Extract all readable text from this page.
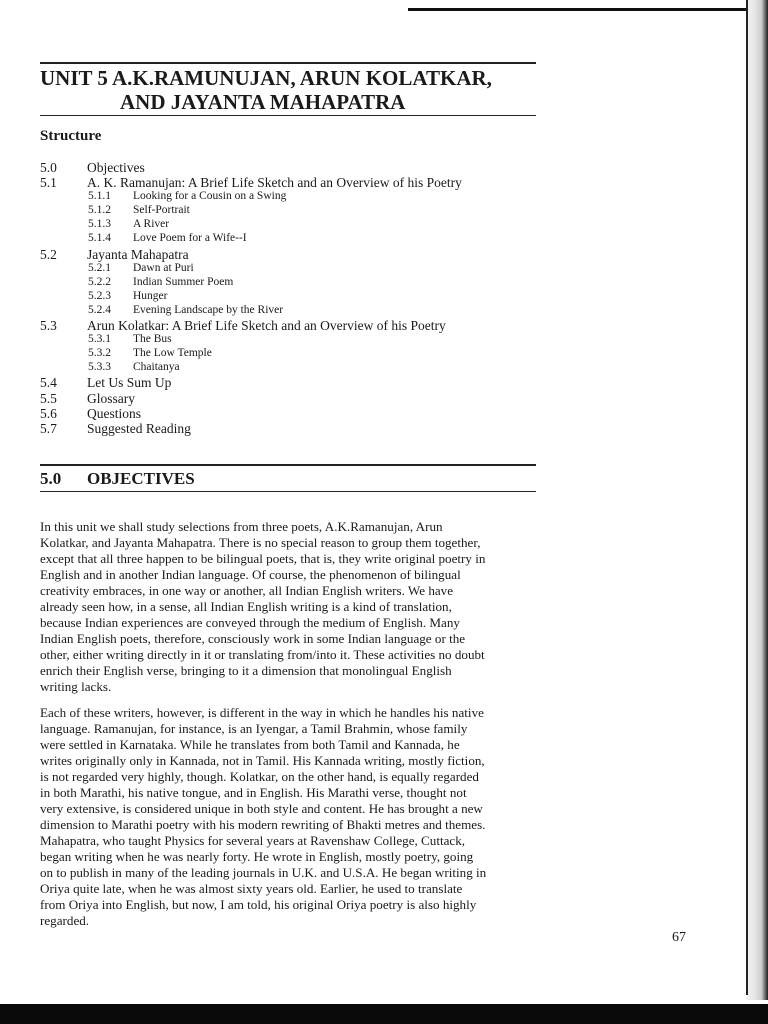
UNIT 5 A.K.RAMUNUJAN, ARUN KOLATKAR,
AND JAYANTA MAHAPATRA
Structure
5.0 Objectives
5.1 A. K. Ramanujan: A Brief Life Sketch and an Overview of his Poetry
5.1.1 Looking for a Cousin on a Swing
5.1.2 Self-Portrait
5.1.3 A River
5.1.4 Love Poem for a Wife--I
5.2 Jayanta Mahapatra
5.2.1 Dawn at Puri
5.2.2 Indian Summer Poem
5.2.3 Hunger
5.2.4 Evening Landscape by the River
5.3 Arun Kolatkar: A Brief Life Sketch and an Overview of his Poetry
5.3.1 The Bus
5.3.2 The Low Temple
5.3.3 Chaitanya
5.4 Let Us Sum Up
5.5 Glossary
5.6 Questions
5.7 Suggested Reading
5.0 OBJECTIVES
In this unit we shall study selections from three poets, A.K.Ramanujan, Arun
Kolatkar, and Jayanta Mahapatra. There is no special reason to group them together,
except that all three happen to be bilingual poets, that is, they write original poetry in
English and in another Indian language. Of course, the phenomenon of bilingual
creativity embraces, in one way or another, all Indian English writers. We have
already seen how, in a sense, all Indian English writing is a kind of translation,
because Indian experiences are conveyed through the medium of English. Many
Indian English poets, therefore, consciously work in some Indian language or the
other, either writing directly in it or translating from/into it. These activities no doubt
enrich their English verse, bringing to it a dimension that monolingual English
writing lacks.
Each of these writers, however, is different in the way in which he handles his native
language. Ramanujan, for instance, is an Iyengar, a Tamil Brahmin, whose family
were settled in Karnataka. While he translates from both Tamil and Kannada, he
writes originally only in Kannada, not in Tamil. His Kannada writing, mostly fiction,
is not regarded very highly, though. Kolatkar, on the other hand, is equally regarded
in both Marathi, his native tongue, and in English. His Marathi verse, thought not
very extensive, is considered unique in both style and content. He has brought a new
dimension to Marathi poetry with his modern rewriting of Bhakti metres and themes.
Mahapatra, who taught Physics for several years at Ravenshaw College, Cuttack,
began writing when he was nearly forty. He wrote in English, mostly poetry, going
on to publish in many of the leading journals in U.K. and U.S.A. He began writing in
Oriya quite late, when he was almost sixty years old. Earlier, he used to translate
from Oriya into English, but now, I am told, his original Oriya poetry is also highly
regarded.
67
